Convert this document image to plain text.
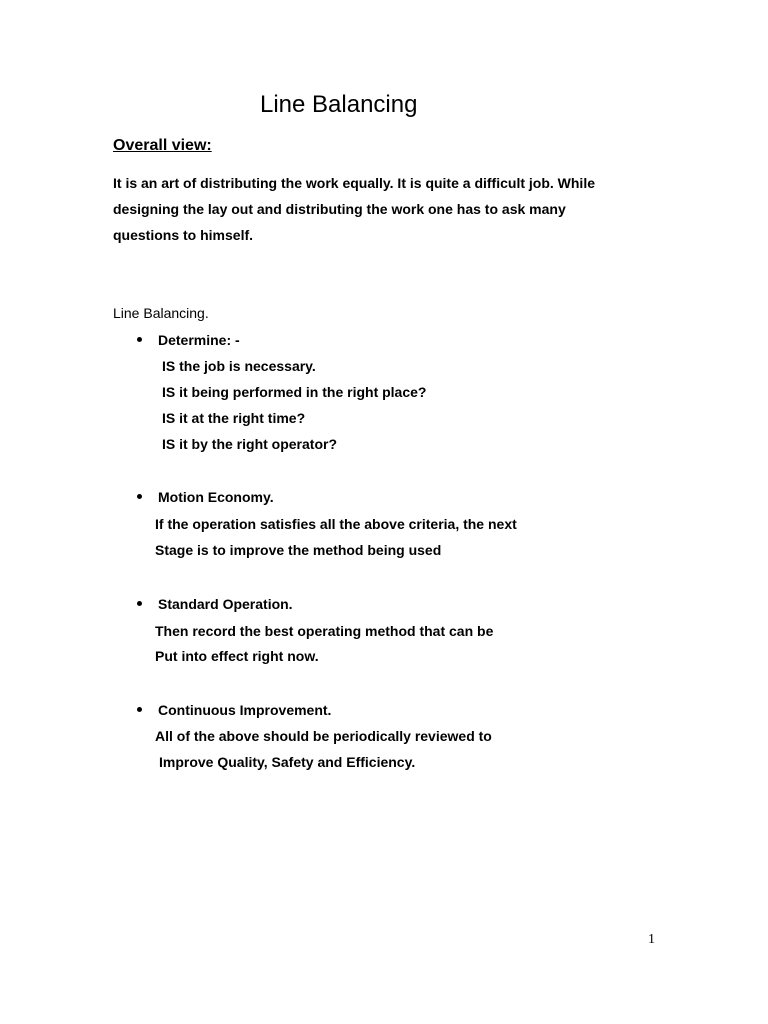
Line Balancing
Overall view:

It is an art of distributing the work equally. It is quite a difficult job. While

designing the lay out and distributing the work one has to ask many

questions to himself.

Line Balancing.

Determine: -

IS the job is necessary.

IS it being performed in the right place?

IS it at the right time?

IS it by the right operator?

Motion Economy.

If the operation satisfies all the above criteria, the next

Stage is to improve the method being used

Standard Operation.

Then record the best operating method that can be

Put into effect right now.

Continuous Improvement.

All of the above should be periodically reviewed to

Improve Quality, Safety and Efficiency.

1
